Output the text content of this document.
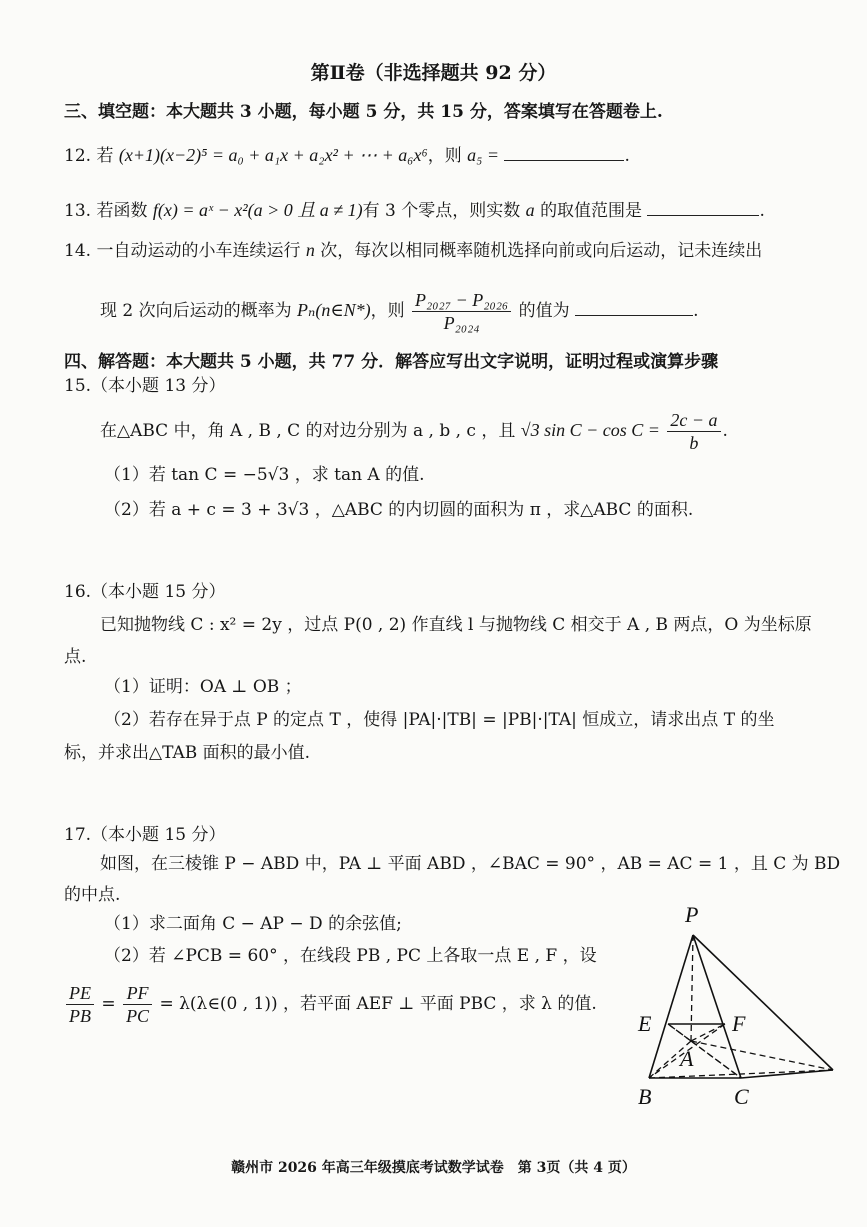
第Ⅱ卷（非选择题共 92 分）
三、填空题：本大题共 3 小题，每小题 5 分，共 15 分，答案填写在答题卷上.
12. 若 (x+1)(x−2)⁵ = a₀ + a₁x + a₂x² + ⋯ + a₆x⁶，则 a₅ =	.
13. 若函数 f(x) = aˣ − x²(a > 0 且 a ≠ 1)有 3 个零点，则实数 a 的取值范围是	.
14. 一自动运动的小车连续运行 n 次，每次以相同概率随机选择向前或向后运动，记未连续出
现 2 次向后运动的概率为 Pₙ(n∈N*)，则 $\frac{\text{P₂₀₂₇ − P₂₀₂₆}}{\text{P₂₀₂₄}}$ 的值为	.
四、解答题：本大题共 5 小题，共 77 分．解答应写出文字说明，证明过程或演算步骤
15.（本小题 13 分）
在△ABC 中，角 A , B , C 的对边分别为 a , b , c ，且 √3 $\sin C - \cos C = \frac{2c - a}{b}$ .
（1）若 tan C = −5√3 ，求 tan A 的值.
（2）若 a + c = 3 + 3√3 ，△ABC 的内切圆的面积为 π ，求△ABC 的面积.
16.（本小题 15 分）
已知抛物线 C : x² = 2y ，过点 P(0 , 2) 作直线 l 与抛物线 C 相交于 A , B 两点，O 为坐标原
点.
（1）证明：OA ⊥ OB ；
（2）若存在异于点 P 的定点 T ，使得 |PA|·|TB| = |PB|·|TA| 恒成立，请求出点 T 的坐
标，并求出△TAB 面积的最小值.
17.（本小题 15 分）
如图，在三棱锥 P − ABD 中，PA ⊥ 平面 ABD ，∠BAC = 90° ，AB = AC = 1 ，且 C 为 BD
的中点.
（1）求二面角 C − AP − D 的余弦值;
（2）若 ∠PCB = 60° ，在线段 PB , PC 上各取一点 E , F ，设
$\frac{PE}{PB} = \frac{PF}{PC}$ = λ(λ∈(0 , 1)) ，若平面 AEF ⊥ 平面 PBC ，求 λ 的值.
P
E	F
A
B	C
赣州市 2026 年高三年级摸底考试数学试卷　第 3页（共 4 页）
